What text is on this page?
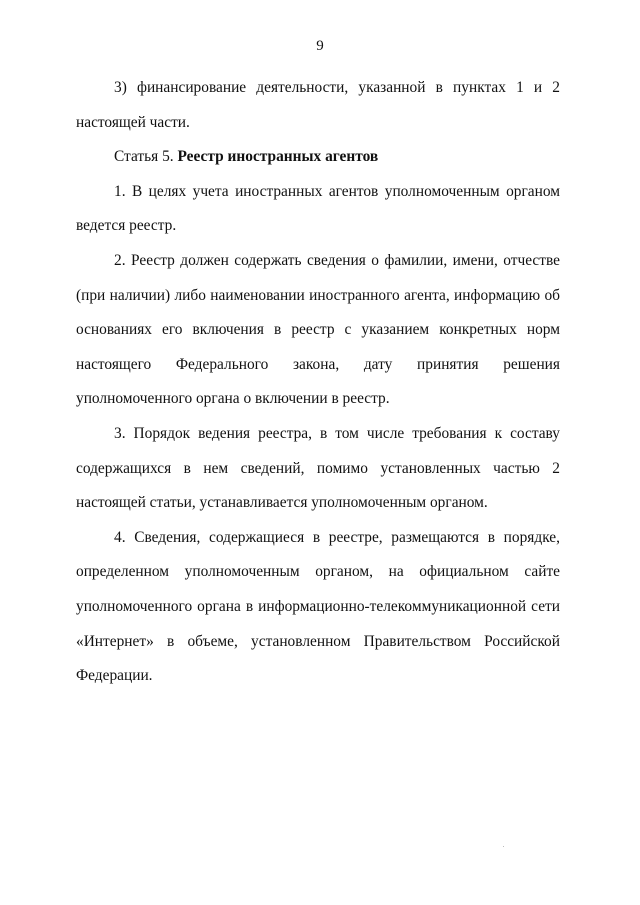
9

3) финансирование деятельности, указанной в пунктах 1 и 2 настоящей части.

Статья 5. Реестр иностранных агентов

1. В целях учета иностранных агентов уполномоченным органом ведется реестр.

2. Реестр должен содержать сведения о фамилии, имени, отчестве (при наличии) либо наименовании иностранного агента, информацию об основаниях его включения в реестр с указанием конкретных норм настоящего Федерального закона, дату принятия решения уполномоченного органа о включении в реестр.

3. Порядок ведения реестра, в том числе требования к составу содержащихся в нем сведений, помимо установленных частью 2 настоящей статьи, устанавливается уполномоченным органом.

4. Сведения, содержащиеся в реестре, размещаются в порядке, определенном уполномоченным органом, на официальном сайте уполномоченного органа в информационно-телекоммуникационной сети «Интернет» в объеме, установленном Правительством Российской Федерации.
